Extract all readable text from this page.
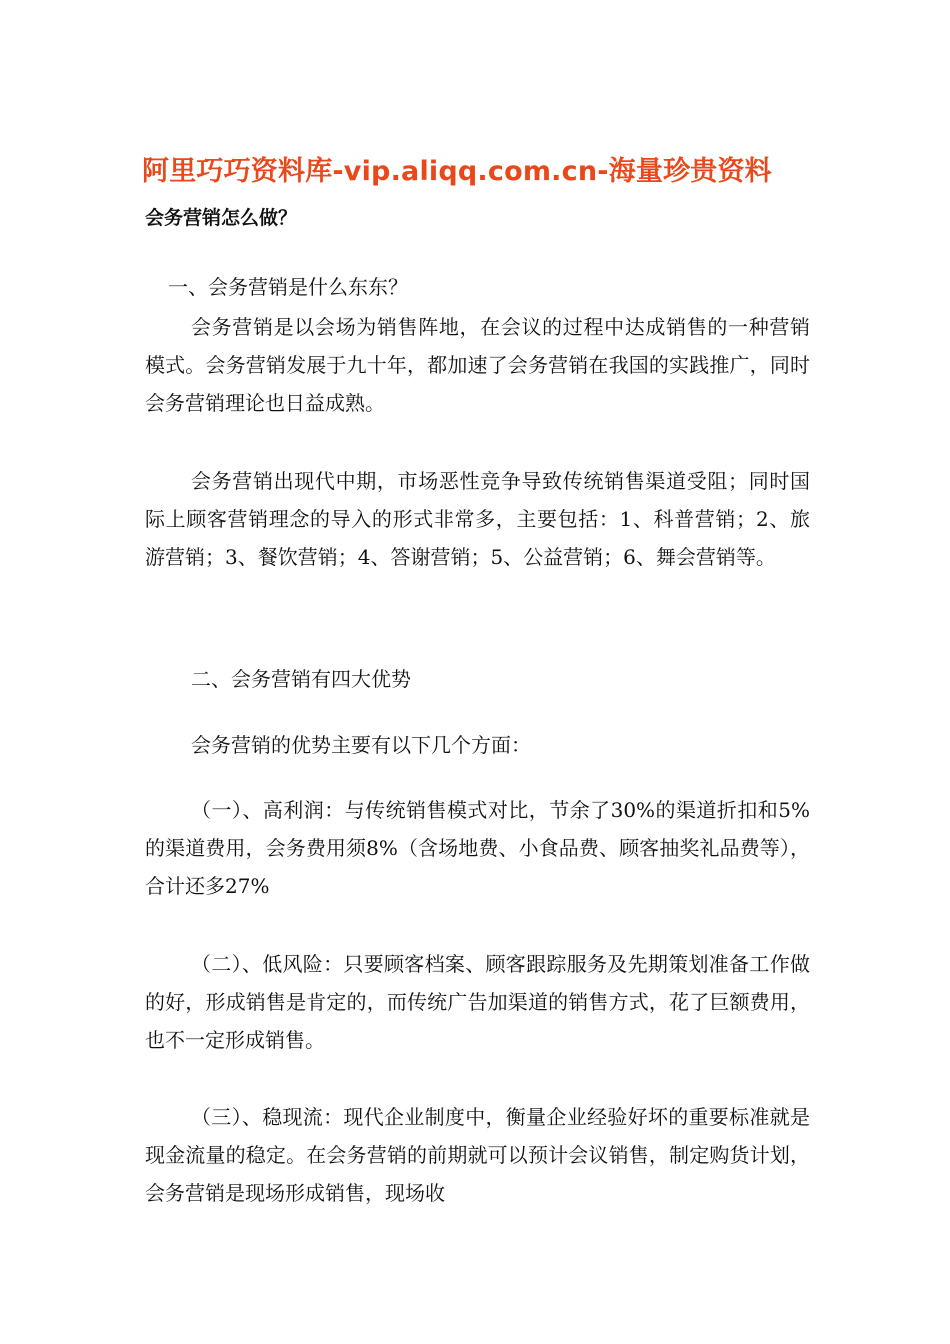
阿里巧巧资料库-vip.aliqq.com.cn-海量珍贵资料
会务营销怎么做？

一、会务营销是什么东东？

会务营销是以会场为销售阵地，在会议的过程中达成销售的一种营销模式。会务营销发展于九十年，都加速了会务营销在我国的实践推广，同时会务营销理论也日益成熟。

会务营销出现代中期，市场恶性竞争导致传统销售渠道受阻；同时国际上顾客营销理念的导入的形式非常多，主要包括：1、科普营销；2、旅游营销；3、餐饮营销；4、答谢营销；5、公益营销；6、舞会营销等。

二、会务营销有四大优势

会务营销的优势主要有以下几个方面：

（一）、高利润：与传统销售模式对比，节余了30%的渠道折扣和5%的渠道费用，会务费用须8%（含场地费、小食品费、顾客抽奖礼品费等），合计还多27%

（二）、低风险：只要顾客档案、顾客跟踪服务及先期策划准备工作做的好，形成销售是肯定的，而传统广告加渠道的销售方式，花了巨额费用，也不一定形成销售。

（三）、稳现流：现代企业制度中，衡量企业经验好坏的重要标准就是现金流量的稳定。在会务营销的前期就可以预计会议销售，制定购货计划，会务营销是现场形成销售，现场收
